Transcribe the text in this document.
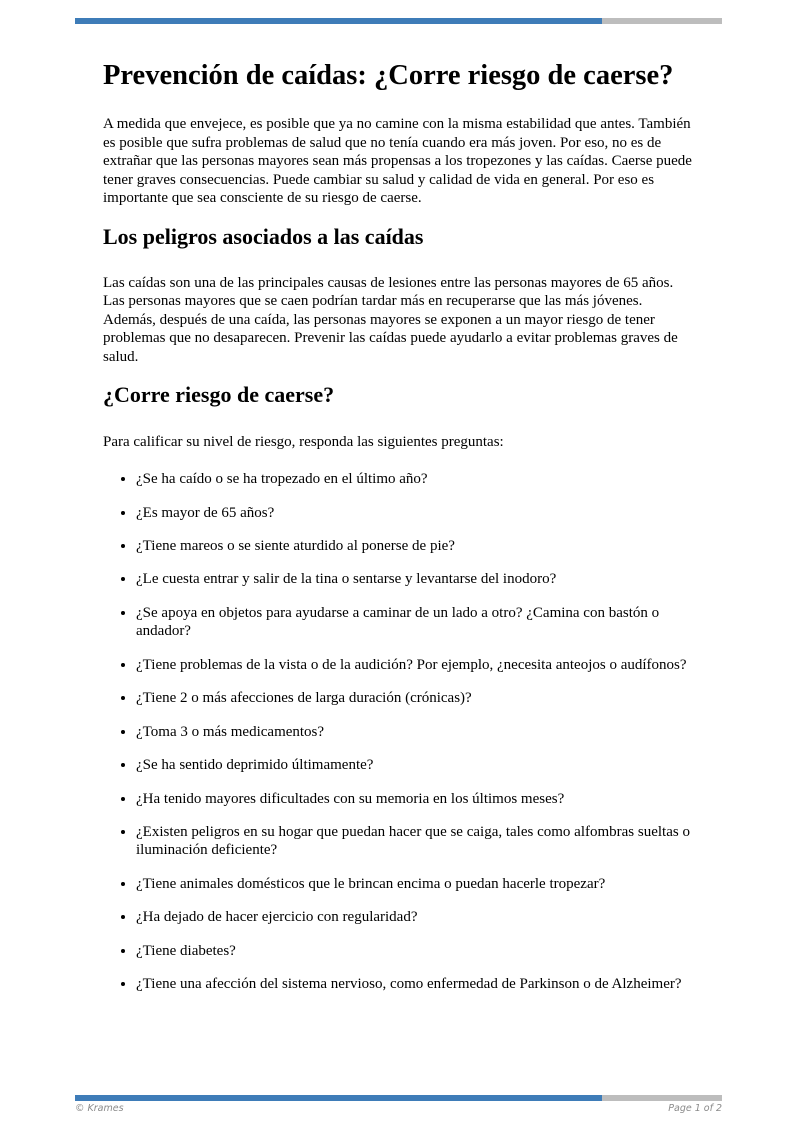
Prevención de caídas: ¿Corre riesgo de caerse?

A medida que envejece, es posible que ya no camine con la misma estabilidad que antes. También es posible que sufra problemas de salud que no tenía cuando era más joven. Por eso, no es de extrañar que las personas mayores sean más propensas a los tropezones y las caídas. Caerse puede tener graves consecuencias. Puede cambiar su salud y calidad de vida en general. Por eso es importante que sea consciente de su riesgo de caerse.

Los peligros asociados a las caídas

Las caídas son una de las principales causas de lesiones entre las personas mayores de 65 años. Las personas mayores que se caen podrían tardar más en recuperarse que las más jóvenes. Además, después de una caída, las personas mayores se exponen a un mayor riesgo de tener problemas que no desaparecen. Prevenir las caídas puede ayudarlo a evitar problemas graves de salud.

¿Corre riesgo de caerse?

Para calificar su nivel de riesgo, responda las siguientes preguntas:

• ¿Se ha caído o se ha tropezado en el último año?
• ¿Es mayor de 65 años?
• ¿Tiene mareos o se siente aturdido al ponerse de pie?
• ¿Le cuesta entrar y salir de la tina o sentarse y levantarse del inodoro?
• ¿Se apoya en objetos para ayudarse a caminar de un lado a otro? ¿Camina con bastón o andador?
• ¿Tiene problemas de la vista o de la audición? Por ejemplo, ¿necesita anteojos o audífonos?
• ¿Tiene 2 o más afecciones de larga duración (crónicas)?
• ¿Toma 3 o más medicamentos?
• ¿Se ha sentido deprimido últimamente?
• ¿Ha tenido mayores dificultades con su memoria en los últimos meses?
• ¿Existen peligros en su hogar que puedan hacer que se caiga, tales como alfombras sueltas o iluminación deficiente?
• ¿Tiene animales domésticos que le brincan encima o puedan hacerle tropezar?
• ¿Ha dejado de hacer ejercicio con regularidad?
• ¿Tiene diabetes?
• ¿Tiene una afección del sistema nervioso, como enfermedad de Parkinson o de Alzheimer?
© Krames	Page 1 of 2
